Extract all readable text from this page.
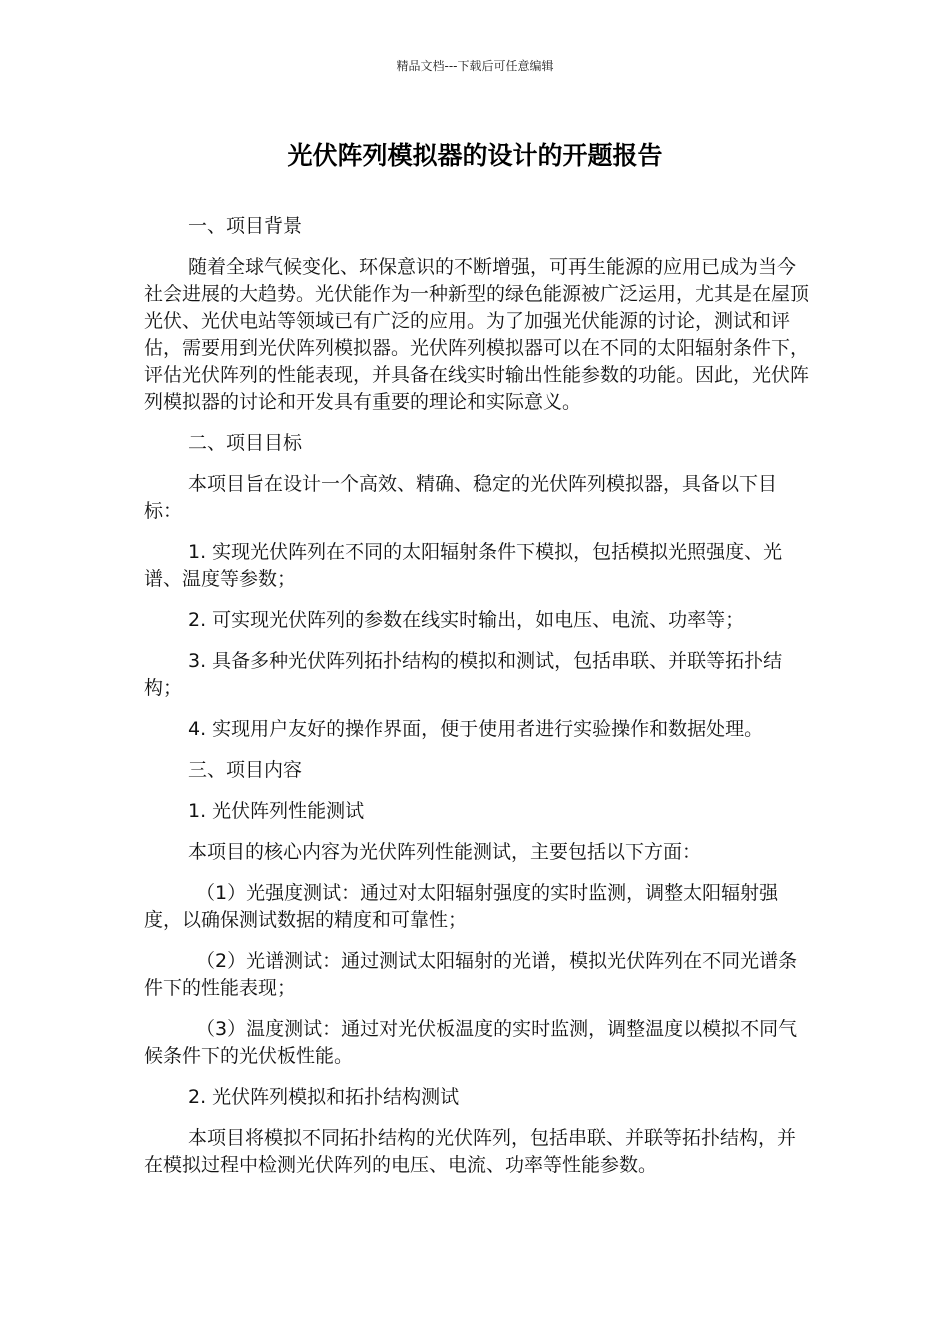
精品文档---下载后可任意编辑
光伏阵列模拟器的设计的开题报告

一、项目背景

随着全球气候变化、环保意识的不断增强，可再生能源的应用已成为当今社会进展的大趋势。光伏能作为一种新型的绿色能源被广泛运用，尤其是在屋顶光伏、光伏电站等领域已有广泛的应用。为了加强光伏能源的讨论，测试和评估，需要用到光伏阵列模拟器。光伏阵列模拟器可以在不同的太阳辐射条件下，评估光伏阵列的性能表现，并具备在线实时输出性能参数的功能。因此，光伏阵列模拟器的讨论和开发具有重要的理论和实际意义。

二、项目目标

本项目旨在设计一个高效、精确、稳定的光伏阵列模拟器，具备以下目标：

1. 实现光伏阵列在不同的太阳辐射条件下模拟，包括模拟光照强度、光谱、温度等参数；

2. 可实现光伏阵列的参数在线实时输出，如电压、电流、功率等；

3. 具备多种光伏阵列拓扑结构的模拟和测试，包括串联、并联等拓扑结构；

4. 实现用户友好的操作界面，便于使用者进行实验操作和数据处理。

三、项目内容

1. 光伏阵列性能测试

本项目的核心内容为光伏阵列性能测试，主要包括以下方面：

（1）光强度测试：通过对太阳辐射强度的实时监测，调整太阳辐射强度，以确保测试数据的精度和可靠性；

（2）光谱测试：通过测试太阳辐射的光谱，模拟光伏阵列在不同光谱条件下的性能表现；

（3）温度测试：通过对光伏板温度的实时监测，调整温度以模拟不同气候条件下的光伏板性能。

2. 光伏阵列模拟和拓扑结构测试

本项目将模拟不同拓扑结构的光伏阵列，包括串联、并联等拓扑结构，并在模拟过程中检测光伏阵列的电压、电流、功率等性能参数。
